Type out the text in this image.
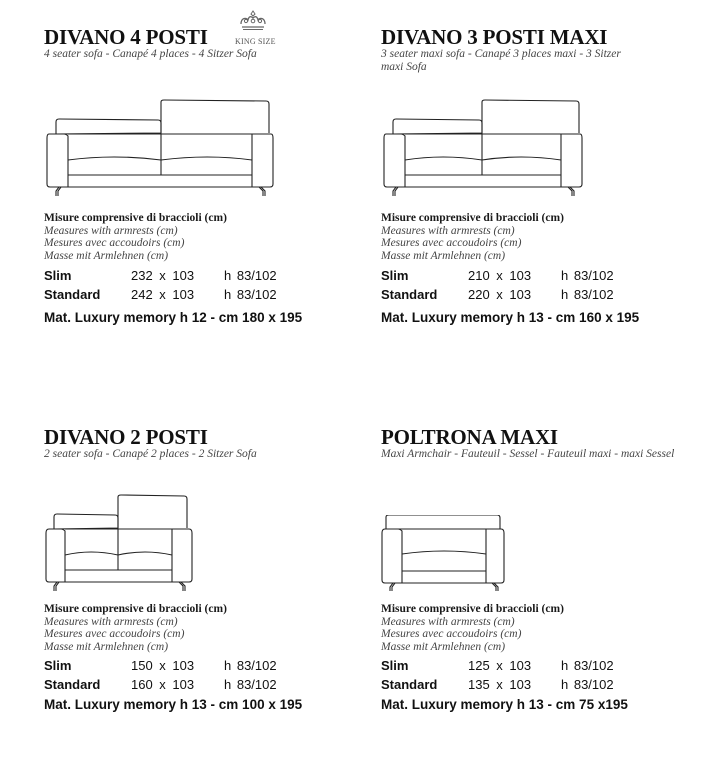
DIVANO 4 POSTI
4 seater sofa - Canapé 4 places - 4 Sitzer Sofa
KING SIZE
Misure comprensive di braccioli (cm)
Measures with armrests (cm)
Mesures avec accoudoirs (cm)
Masse mit Armlehnen (cm)
Slim	232 x 103 h 83/102
Standard 242 x 103 h 83/102
Mat. Luxury memory h 12 - cm 180 x 195
DIVANO 3 POSTI MAXI
3 seater maxi sofa - Canapé 3 places maxi - 3 Sitzer maxi Sofa
Misure comprensive di braccioli (cm)
Measures with armrests (cm)
Mesures avec accoudoirs (cm)
Masse mit Armlehnen (cm)
Slim	210 x 103 h 83/102
Standard 220 x 103 h 83/102
Mat. Luxury memory h 13 - cm 160 x 195
DIVANO 2 POSTI
2 seater sofa - Canapé 2 places - 2 Sitzer Sofa
Misure comprensive di braccioli (cm)
Measures with armrests (cm)
Mesures avec accoudoirs (cm)
Masse mit Armlehnen (cm)
Slim	150 x 103 h 83/102
Standard 160 x 103 h 83/102
Mat. Luxury memory h 13 - cm 100 x 195
POLTRONA MAXI
Maxi Armchair - Fauteuil - Sessel - Fauteuil maxi - maxi Sessel
Misure comprensive di braccioli (cm)
Measures with armrests (cm)
Mesures avec accoudoirs (cm)
Masse mit Armlehnen (cm)
Slim	125 x 103 h 83/102
Standard 135 x 103 h 83/102
Mat. Luxury memory h 13 - cm 75 x195
